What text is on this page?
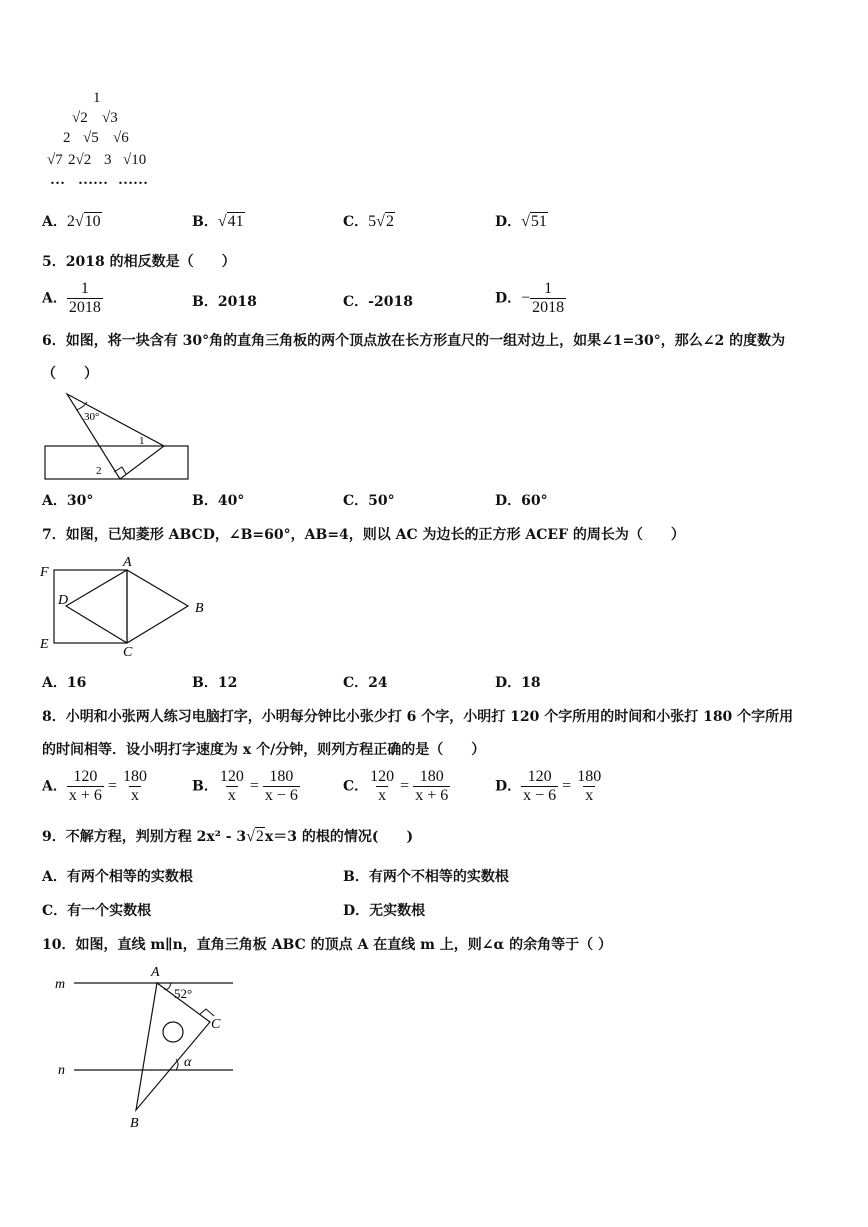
1
√2 √3
2 √5 √6
√7 2√2 3 √10
… …… ……
A．2√10	B．√41	C．5√2	D．√51
5．2018 的相反数是（　　）
A． $\frac{1}{2018}$	B．2018	C．-2018	D．− $\frac{1}{2018}$
6．如图，将一块含有 30°角的直角三角板的两个顶点放在长方形直尺的一组对边上，如果∠1=30°，那么∠2 的度数为
（　　）
30°
1
2
A．30°	B．40°	C．50°	D．60°
7．如图，已知菱形 ABCD，∠B=60°，AB=4，则以 AC 为边长的正方形 ACEF 的周长为（　　）
F
A
D
B
E
C
A．16	B．12	C．24	D．18
8．小明和小张两人练习电脑打字，小明每分钟比小张少打 6 个字，小明打 120 个字所用的时间和小张打 180 个字所用
的时间相等．设小明打字速度为 x 个/分钟，则列方程正确的是（　　）
A． $\frac{120}{x + 6} = \frac{180}{x}$	B． $\frac{120}{x} = \frac{180}{x - 6}$	C． $\frac{120}{x} = \frac{180}{x + 6}$	D． $\frac{120}{x - 6} = \frac{180}{x}$
9．不解方程，判别方程 2x² - 3√2x＝3 的根的情况(　　)
A．有两个相等的实数根	B．有两个不相等的实数根
C．有一个实数根	D．无实数根
10．如图，直线 m∥n，直角三角板 ABC 的顶点 A 在直线 m 上，则∠α 的余角等于（ ）
m
n
A
52°
C
α
B
